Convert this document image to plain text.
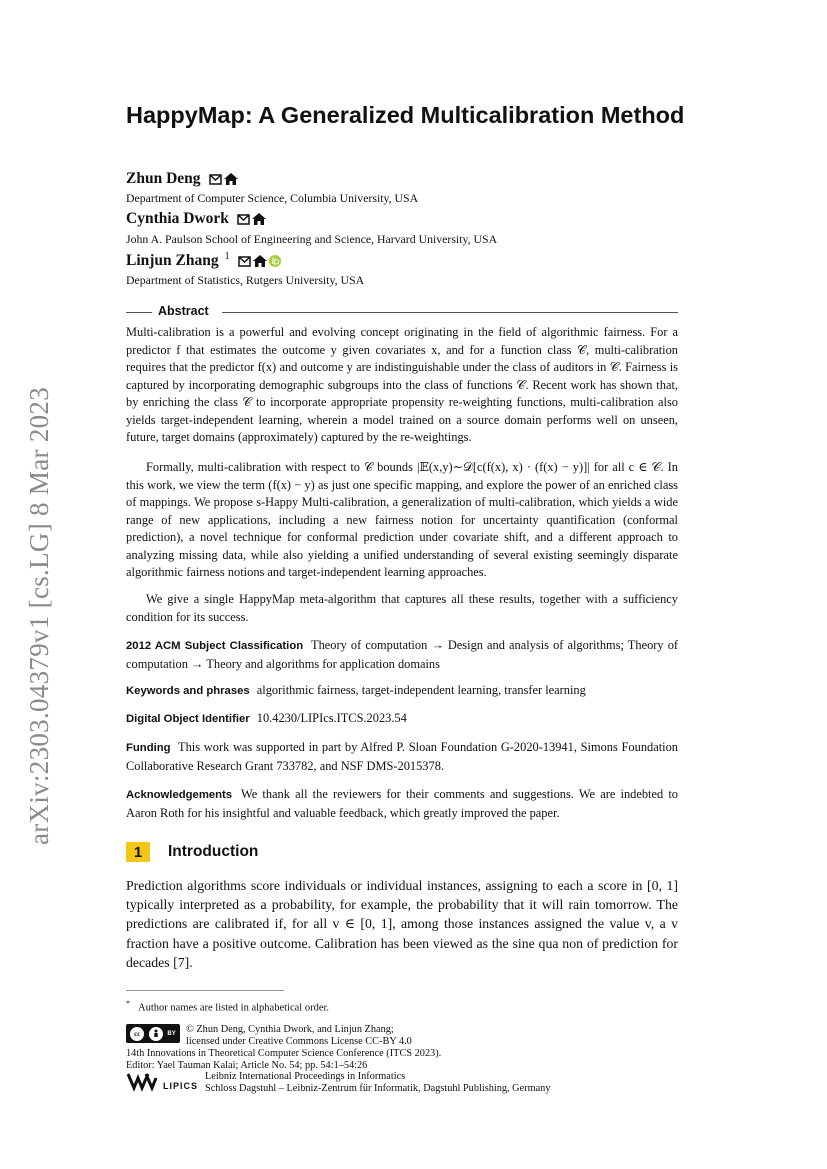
arXiv:2303.04379v1 [cs.LG] 8 Mar 2023
HappyMap: A Generalized Multicalibration Method
Zhun Deng
Department of Computer Science, Columbia University, USA
Cynthia Dwork
John A. Paulson School of Engineering and Science, Harvard University, USA
Linjun Zhang $^1$
Department of Statistics, Rutgers University, USA
Abstract

Multi-calibration is a powerful and evolving concept originating in the field of algorithmic fairness. For a predictor f that estimates the outcome y given covariates x, and for a function class 𝒞, multi-calibration requires that the predictor f(x) and outcome y are indistinguishable under the class of auditors in 𝒞. Fairness is captured by incorporating demographic subgroups into the class of functions 𝒞. Recent work has shown that, by enriching the class 𝒞 to incorporate appropriate propensity re-weighting functions, multi-calibration also yields target-independent learning, wherein a model trained on a source domain performs well on unseen, future, target domains (approximately) captured by the re-weightings.

Formally, multi-calibration with respect to 𝒞 bounds |𝔼(x,y)∼𝒟[c(f(x), x) · (f(x) − y)]| for all c ∈ 𝒞. In this work, we view the term (f(x) − y) as just one specific mapping, and explore the power of an enriched class of mappings. We propose s-Happy Multi-calibration, a generalization of multi-calibration, which yields a wide range of new applications, including a new fairness notion for uncertainty quantification (conformal prediction), a novel technique for conformal prediction under covariate shift, and a different approach to analyzing missing data, while also yielding a unified understanding of several existing seemingly disparate algorithmic fairness notions and target-independent learning approaches.

We give a single HappyMap meta-algorithm that captures all these results, together with a sufficiency condition for its success.

2012 ACM Subject Classification Theory of computation → Design and analysis of algorithms; Theory of computation → Theory and algorithms for application domains

Keywords and phrases algorithmic fairness, target-independent learning, transfer learning

Digital Object Identifier 10.4230/LIPIcs.ITCS.2023.54

Funding This work was supported in part by Alfred P. Sloan Foundation G-2020-13941, Simons Foundation Collaborative Research Grant 733782, and NSF DMS-2015378.

Acknowledgements We thank all the reviewers for their comments and suggestions. We are indebted to Aaron Roth for his insightful and valuable feedback, which greatly improved the paper.

1	Introduction

Prediction algorithms score individuals or individual instances, assigning to each a score in [0, 1] typically interpreted as a probability, for example, the probability that it will rain tomorrow. The predictions are calibrated if, for all v ∈ [0, 1], among those instances assigned the value v, a v fraction have a positive outcome. Calibration has been viewed as the sine qua non of prediction for decades [7].

* Author names are listed in alphabetical order.
cc	BY © Zhun Deng, Cynthia Dwork, and Linjun Zhang;
licensed under Creative Commons License CC-BY 4.0
14th Innovations in Theoretical Computer Science Conference (ITCS 2023).
Editor: Yael Tauman Kalai; Article No. 54; pp. 54:1–54:26
LIPICS
Leibniz International Proceedings in Informatics
Schloss Dagstuhl – Leibniz-Zentrum für Informatik, Dagstuhl Publishing, Germany
